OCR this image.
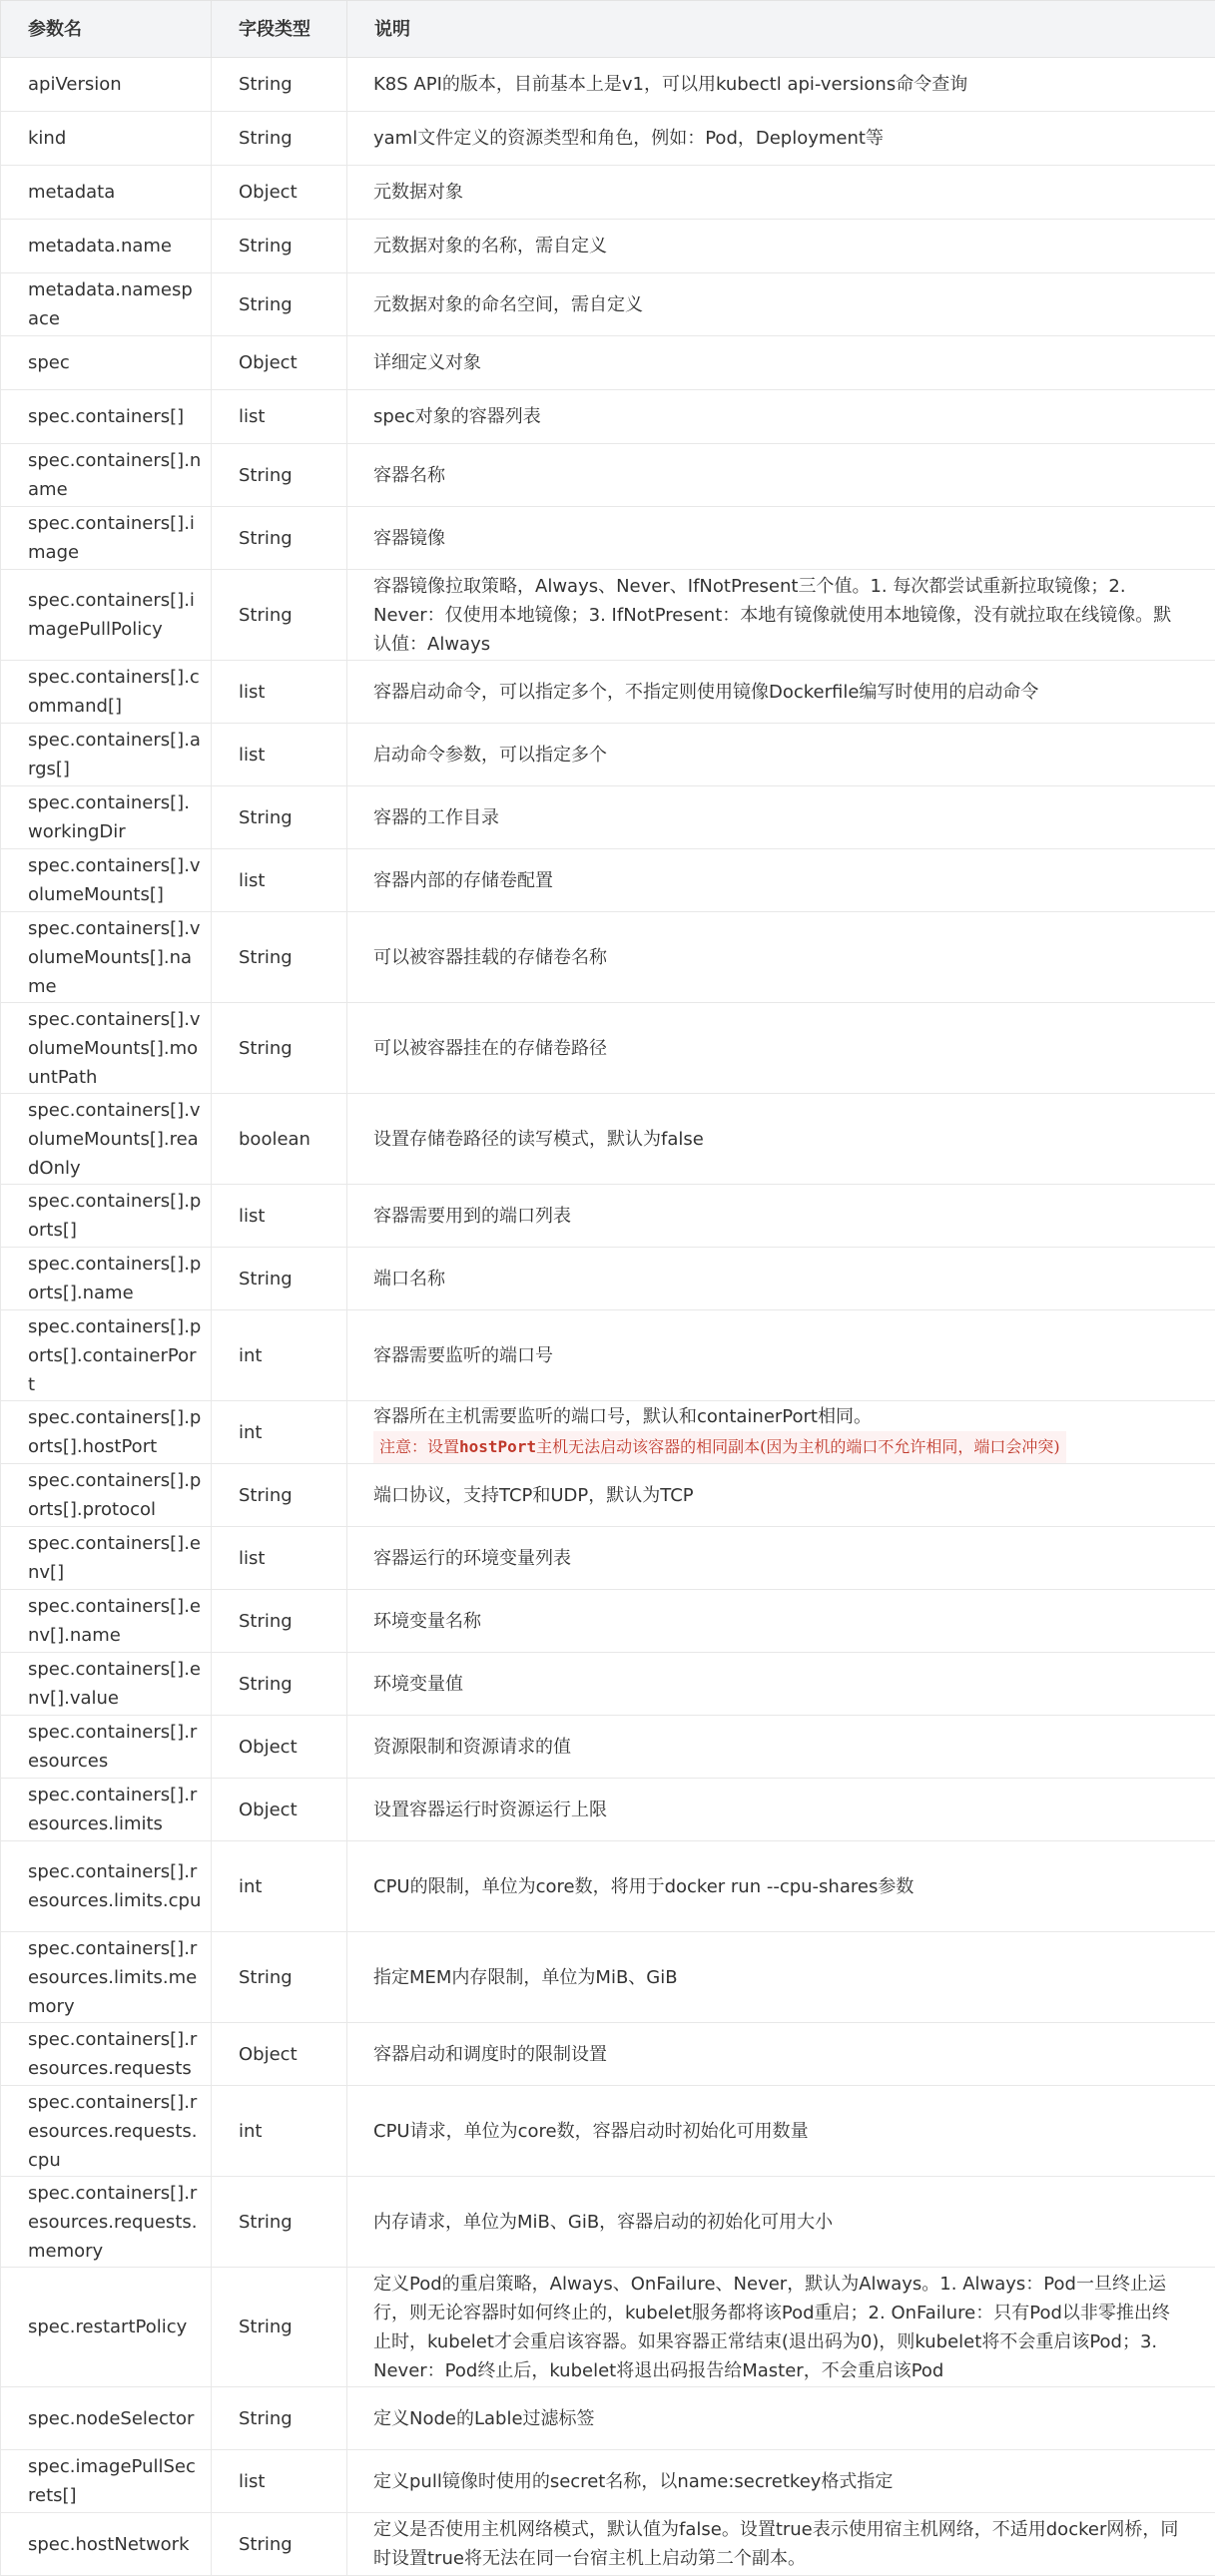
参数名	字段类型	说明
apiVersion	String	K8S API的版本，目前基本上是v1，可以用kubectl api-versions命令查询
kind	String	yaml文件定义的资源类型和角色，例如：Pod，Deployment等
metadata	Object	元数据对象
metadata.name	String	元数据对象的名称，需自定义
metadata.namespace	String	元数据对象的命名空间，需自定义
spec	Object	详细定义对象
spec.containers[]	list	spec对象的容器列表
spec.containers[].name	String	容器名称
spec.containers[].image	String	容器镜像
spec.containers[].imagePullPolicy	String	容器镜像拉取策略，Always、Never、IfNotPresent三个值。1. 每次都尝试重新拉取镜像；2. Never：仅使用本地镜像；3. IfNotPresent：本地有镜像就使用本地镜像，没有就拉取在线镜像。默认值：Always
spec.containers[].command[]	list	容器启动命令，可以指定多个，不指定则使用镜像Dockerfile编写时使用的启动命令
spec.containers[].args[]	list	启动命令参数，可以指定多个
spec.containers[].workingDir	String	容器的工作目录
spec.containers[].volumeMounts[]	list	容器内部的存储卷配置
spec.containers[].volumeMounts[].name	String	可以被容器挂载的存储卷名称
spec.containers[].volumeMounts[].mountPath	String	可以被容器挂在的存储卷路径
spec.containers[].volumeMounts[].readOnly	boolean	设置存储卷路径的读写模式，默认为false
spec.containers[].ports[]	list	容器需要用到的端口列表
spec.containers[].ports[].name	String	端口名称
spec.containers[].ports[].containerPort	int	容器需要监听的端口号
spec.containers[].ports[].hostPort	int	容器所在主机需要监听的端口号，默认和containerPort相同。
注意：设置hostPort主机无法启动该容器的相同副本(因为主机的端口不允许相同，端口会冲突)
spec.containers[].ports[].protocol	String	端口协议，支持TCP和UDP，默认为TCP
spec.containers[].env[]	list	容器运行的环境变量列表
spec.containers[].env[].name	String	环境变量名称
spec.containers[].env[].value	String	环境变量值
spec.containers[].resources	Object	资源限制和资源请求的值
spec.containers[].resources.limits	Object	设置容器运行时资源运行上限
spec.containers[].resources.limits.cpu	int	CPU的限制，单位为core数，将用于docker run --cpu-shares参数
spec.containers[].resources.limits.memory	String	指定MEM内存限制，单位为MiB、GiB
spec.containers[].resources.requests	Object	容器启动和调度时的限制设置
spec.containers[].resources.requests.cpu	int	CPU请求，单位为core数，容器启动时初始化可用数量
spec.containers[].resources.requests.memory	String	内存请求，单位为MiB、GiB，容器启动的初始化可用大小
spec.restartPolicy	String	定义Pod的重启策略，Always、OnFailure、Never，默认为Always。1. Always：Pod一旦终止运行，则无论容器时如何终止的，kubelet服务都将该Pod重启；2. OnFailure：只有Pod以非零推出终止时，kubelet才会重启该容器。如果容器正常结束(退出码为0)，则kubelet将不会重启该Pod；3. Never：Pod终止后，kubelet将退出码报告给Master，不会重启该Pod
spec.nodeSelector	String	定义Node的Lable过滤标签
spec.imagePullSecrets[]	list	定义pull镜像时使用的secret名称，以name:secretkey格式指定
spec.hostNetwork	String	定义是否使用主机网络模式，默认值为false。设置true表示使用宿主机网络，不适用docker网桥，同时设置true将无法在同一台宿主机上启动第二个副本。
